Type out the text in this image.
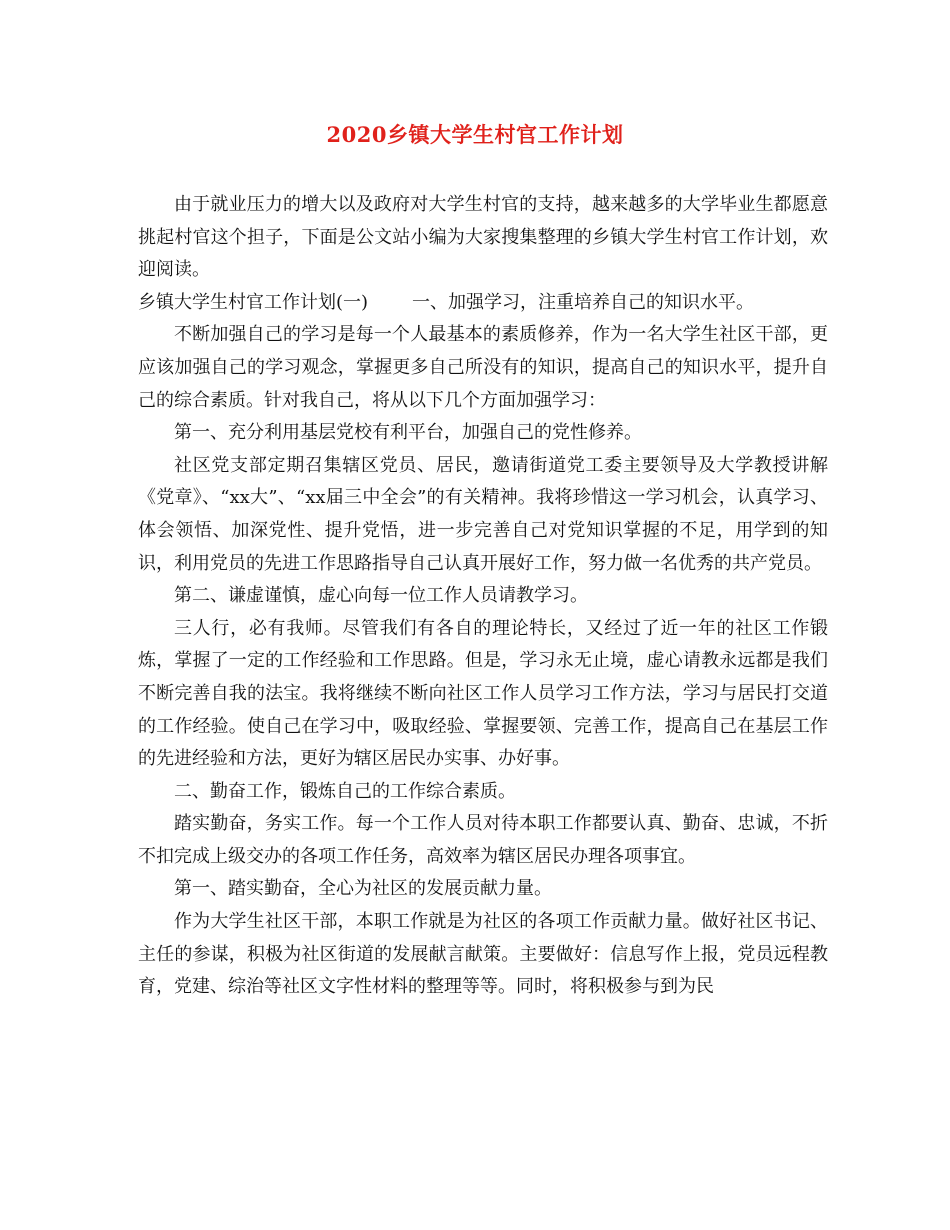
2020乡镇大学生村官工作计划

由于就业压力的增大以及政府对大学生村官的支持，越来越多的大学毕业生都愿意挑起村官这个担子，下面是公文站小编为大家搜集整理的乡镇大学生村官工作计划，欢迎阅读。

乡镇大学生村官工作计划(一) 一、加强学习，注重培养自己的知识水平。

不断加强自己的学习是每一个人最基本的素质修养，作为一名大学生社区干部，更应该加强自己的学习观念，掌握更多自己所没有的知识，提高自己的知识水平，提升自己的综合素质。针对我自己，将从以下几个方面加强学习：

第一、充分利用基层党校有利平台，加强自己的党性修养。

社区党支部定期召集辖区党员、居民，邀请街道党工委主要领导及大学教授讲解《党章》、“xx大”、“xx届三中全会”的有关精神。我将珍惜这一学习机会，认真学习、体会领悟、加深党性、提升党悟，进一步完善自己对党知识掌握的不足，用学到的知识，利用党员的先进工作思路指导自己认真开展好工作，努力做一名优秀的共产党员。

第二、谦虚谨慎，虚心向每一位工作人员请教学习。

三人行，必有我师。尽管我们有各自的理论特长，又经过了近一年的社区工作锻炼，掌握了一定的工作经验和工作思路。但是，学习永无止境，虚心请教永远都是我们不断完善自我的法宝。我将继续不断向社区工作人员学习工作方法，学习与居民打交道的工作经验。使自己在学习中，吸取经验、掌握要领、完善工作，提高自己在基层工作的先进经验和方法，更好为辖区居民办实事、办好事。

二、勤奋工作，锻炼自己的工作综合素质。

踏实勤奋，务实工作。每一个工作人员对待本职工作都要认真、勤奋、忠诚，不折不扣完成上级交办的各项工作任务，高效率为辖区居民办理各项事宜。

第一、踏实勤奋，全心为社区的发展贡献力量。

作为大学生社区干部，本职工作就是为社区的各项工作贡献力量。做好社区书记、主任的参谋，积极为社区街道的发展献言献策。主要做好：信息写作上报，党员远程教育，党建、综治等社区文字性材料的整理等等。同时，将积极参与到为民
